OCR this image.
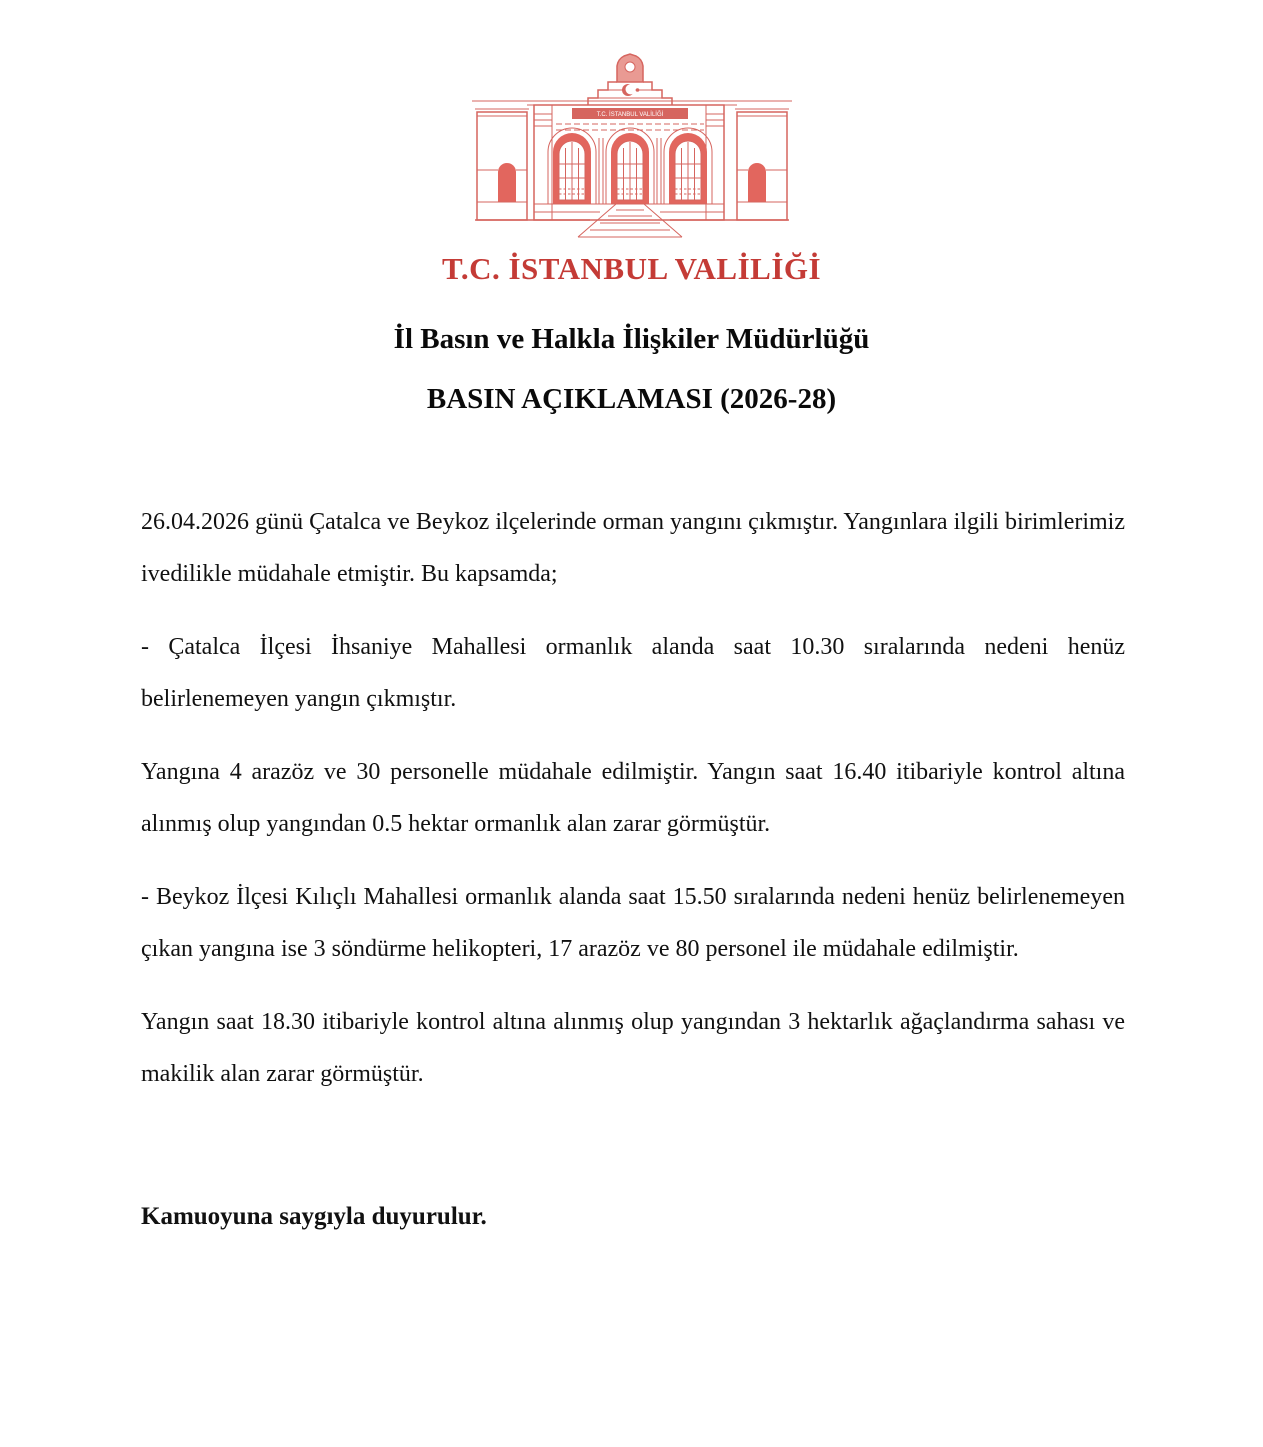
T.C. İSTANBUL VALİLİĞİ
T.C. İSTANBUL VALİLİĞİ
İl Basın ve Halkla İlişkiler Müdürlüğü
BASIN AÇIKLAMASI (2026-28)

26.04.2026 günü Çatalca ve Beykoz ilçelerinde orman yangını çıkmıştır. Yangınlara ilgili birimlerimiz ivedilikle müdahale etmiştir. Bu kapsamda;

- Çatalca İlçesi İhsaniye Mahallesi ormanlık alanda saat 10.30 sıralarında nedeni henüz belirlenemeyen yangın çıkmıştır.

Yangına 4 arazöz ve 30 personelle müdahale edilmiştir. Yangın saat 16.40 itibariyle kontrol altına alınmış olup yangından 0.5 hektar ormanlık alan zarar görmüştür.

- Beykoz İlçesi Kılıçlı Mahallesi ormanlık alanda saat 15.50 sıralarında nedeni henüz belirlenemeyen çıkan yangına ise 3 söndürme helikopteri, 17 arazöz ve 80 personel ile müdahale edilmiştir.

Yangın saat 18.30 itibariyle kontrol altına alınmış olup yangından 3 hektarlık ağaçlandırma sahası ve makilik alan zarar görmüştür.

Kamuoyuna saygıyla duyurulur.
